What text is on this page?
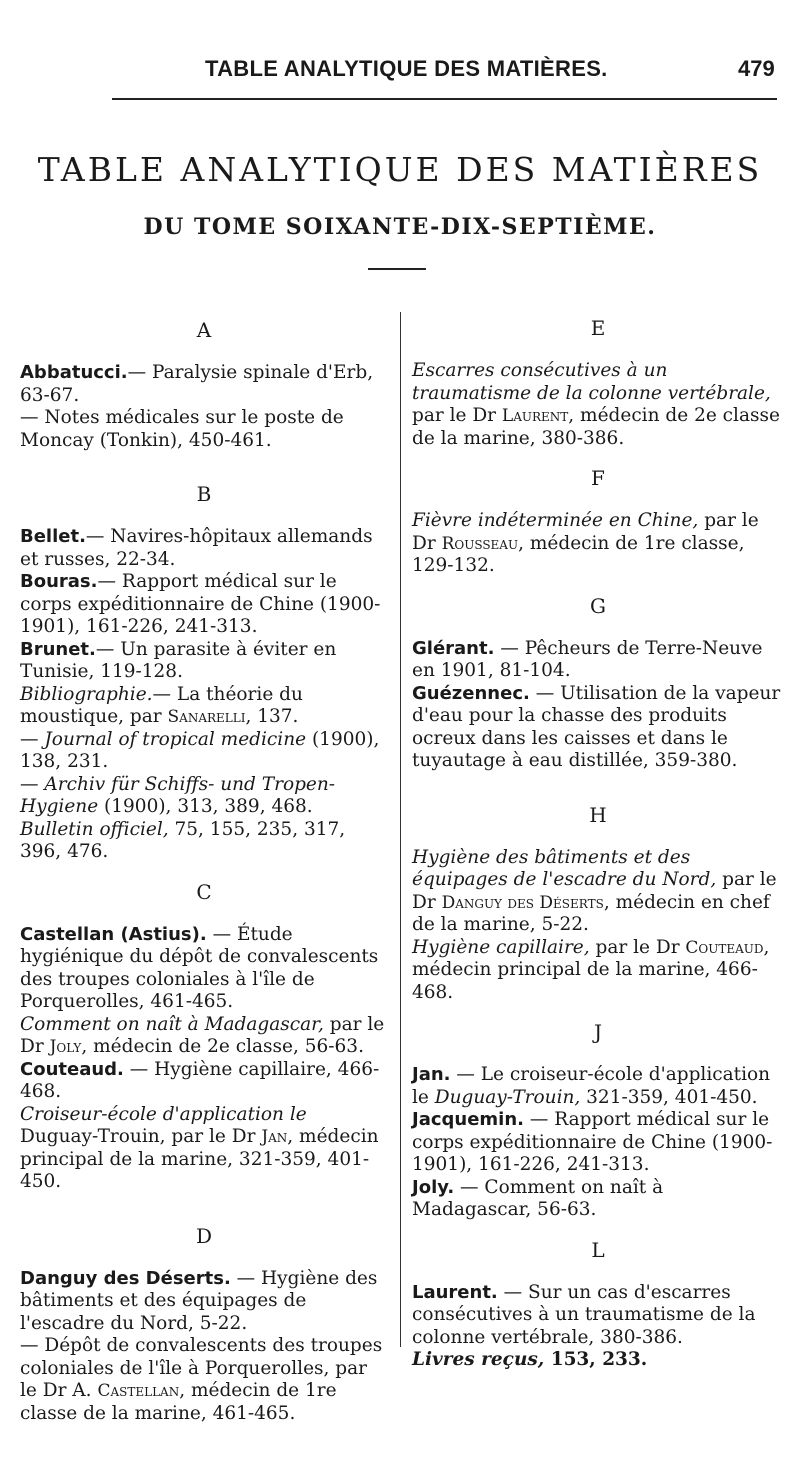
TABLE ANALYTIQUE DES MATIÈRES.	479
TABLE ANALYTIQUE DES MATIÈRES
DU TOME SOIXANTE-DIX-SEPTIÈME.
A

Abbatucci.— Paralysie spinale d'Erb, 63-67.

— Notes médicales sur le poste de Moncay (Tonkin), 450-461.

B

Bellet.— Navires-hôpitaux allemands et russes, 22-34.

Bouras.— Rapport médical sur le corps expéditionnaire de Chine (1900-1901), 161-226, 241-313.

Brunet.— Un parasite à éviter en Tunisie, 119-128.

Bibliographie.— La théorie du moustique, par Sanarelli, 137.

— Journal of tropical medicine (1900), 138, 231.

— Archiv für Schiffs- und Tropen-Hygiene (1900), 313, 389, 468.

Bulletin officiel, 75, 155, 235, 317, 396, 476.

C

Castellan (Astius). — Étude hygiénique du dépôt de convalescents des troupes coloniales à l'île de Porquerolles, 461-465.

Comment on naît à Madagascar, par le Dr Joly, médecin de 2e classe, 56-63.

Couteaud. — Hygiène capillaire, 466-468.

Croiseur-école d'application le Duguay-Trouin, par le Dr Jan, médecin principal de la marine, 321-359, 401-450.

D

Danguy des Déserts. — Hygiène des bâtiments et des équipages de l'escadre du Nord, 5-22.

— Dépôt de convalescents des troupes coloniales de l'île à Porquerolles, par le Dr A. Castellan, médecin de 1re classe de la marine, 461-465.

E

Escarres consécutives à un traumatisme de la colonne vertébrale, par le Dr Laurent, médecin de 2e classe de la marine, 380-386.

F

Fièvre indéterminée en Chine, par le Dr Rousseau, médecin de 1re classe, 129-132.

G

Glérant. — Pêcheurs de Terre-Neuve en 1901, 81-104.

Guézennec. — Utilisation de la vapeur d'eau pour la chasse des produits ocreux dans les caisses et dans le tuyautage à eau distillée, 359-380.

H

Hygiène des bâtiments et des équipages de l'escadre du Nord, par le Dr Danguy des Déserts, médecin en chef de la marine, 5-22.

Hygiène capillaire, par le Dr Couteaud, médecin principal de la marine, 466-468.

J

Jan. — Le croiseur-école d'application le Duguay-Trouin, 321-359, 401-450.

Jacquemin. — Rapport médical sur le corps expéditionnaire de Chine (1900-1901), 161-226, 241-313.

Joly. — Comment on naît à Madagascar, 56-63.

L

Laurent. — Sur un cas d'escarres consécutives à un traumatisme de la colonne vertébrale, 380-386.

Livres reçus, 153, 233.
